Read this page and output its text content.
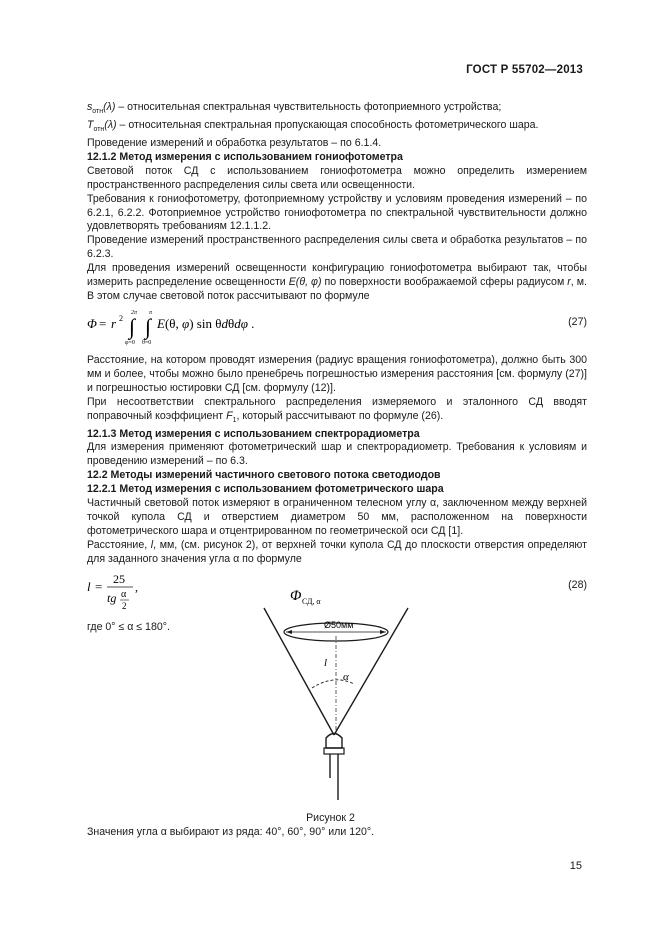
ГОСТ Р 55702—2013

$s_{отн}(\lambda)$ – относительная спектральная чувствительность фотоприемного устройства;

$T_{отн}(\lambda)$ – относительная спектральная пропускающая способность фотометрического шара.

Проведение измерений и обработка результатов – по 6.1.4.

12.1.2 Метод измерения с использованием гониофотометра

Световой поток СД с использованием гониофотометра можно определить измерением пространственного распределения силы света или освещенности.

Требования к гониофотометру, фотоприемному устройству и условиям проведения измерений – по 6.2.1, 6.2.2. Фотоприемное устройство гониофотометра по спектральной чувствительности должно удовлетворять требованиям 12.1.1.2.

Проведение измерений пространственного распределения силы света и обработка результатов – по 6.2.3.

Для проведения измерений освещенности конфигурацию гониофотометра выбирают так, чтобы измерить распределение освещенности E(θ, φ) по поверхности воображаемой сферы радиусом r, м. В этом случае световой поток рассчитывают по формуле

Φ = r 2
2π
∫
φ=0
π
∫
θ=0
E(θ, φ) sin θdθdφ .	(27)

Расстояние, на котором проводят измерения (радиус вращения гониофотометра), должно быть 300 мм и более, чтобы можно было пренебречь погрешностью измерения расстояния [см. формулу (27)] и погрешностью юстировки СД [см. формулу (12)].

При несоответствии спектрального распределения измеряемого и эталонного СД вводят поправочный коэффициент $F_1$, который рассчитывают по формуле (26).

12.1.3 Метод измерения с использованием спектрорадиометра

Для измерения применяют фотометрический шар и спектрорадиометр. Требования к условиям и проведению измерений – по 6.3.

12.2 Методы измерений частичного светового потока светодиодов

12.2.1 Метод измерения с использованием фотометрического шара

Частичный световой поток измеряют в ограниченном телесном углу α, заключенном между верхней точкой купола СД и отверстием диаметром 50 мм, расположенном на поверхности фотометрического шара и отцентрированном по геометрической оси СД [1].

Расстояние, l, мм, (см. рисунок 2), от верхней точки купола СД до плоскости отверстия определяют для заданного значения угла α по формуле

l = 25
tg α
2
,	(28)

где 0° ≤ α ≤ 180°.

Φ СД, α
Ø50мм
l
α
Рисунок 2
Значения угла α выбирают из ряда: 40°, 60°, 90° или 120°.
15
